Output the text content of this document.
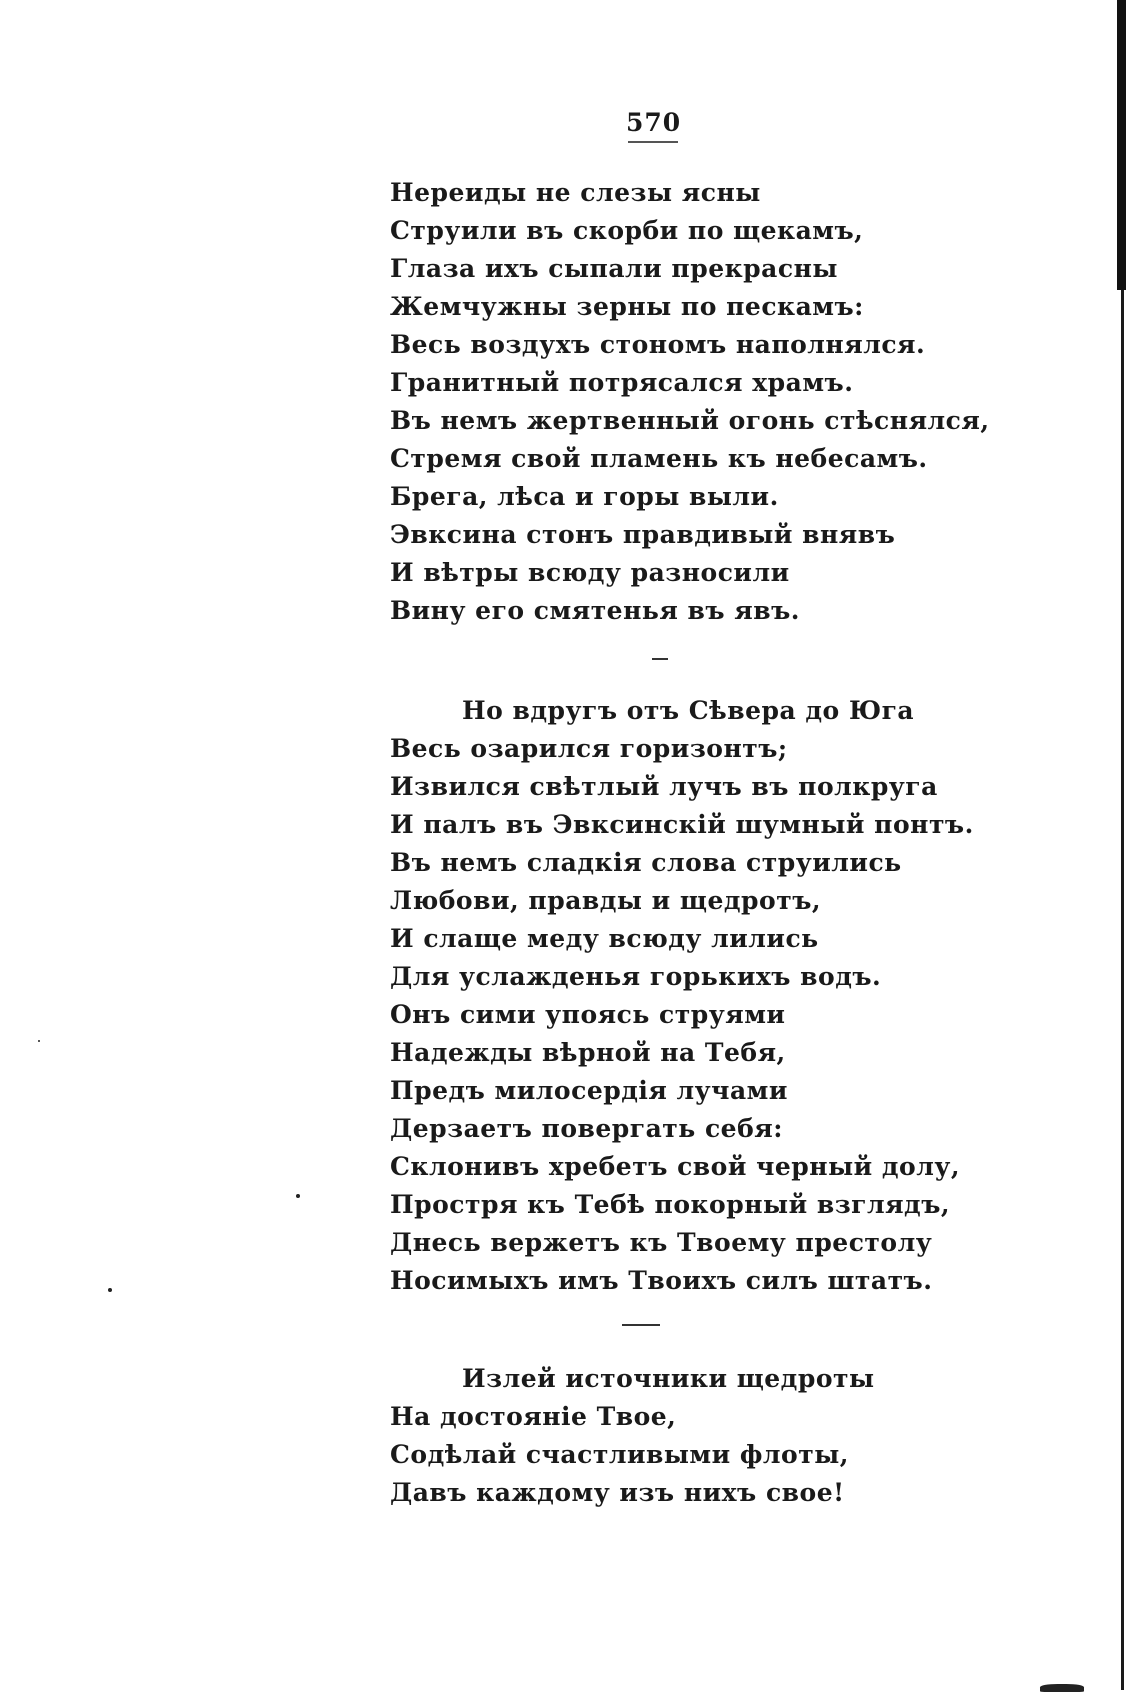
570
Нереиды не слезы ясны
Струили въ скорби по щекамъ,
Глаза ихъ сыпали прекрасны
Жемчужны зерны по пескамъ:
Весь воздухъ стономъ наполнялся.
Гранитный потрясался храмъ.
Въ немъ жертвенный огонь стѣснялся,
Стремя свой пламень къ небесамъ.
Брега, лѣса и горы выли.
Эвксина стонъ правдивый внявъ
И вѣтры всюду разносили
Вину его смятенья въ явъ.
Но вдругъ отъ Сѣвера до Юга
Весь озарился горизонтъ;
Извился свѣтлый лучъ въ полкруга
И палъ въ Эвксинскій шумный понтъ.
Въ немъ сладкія слова струились
Любови, правды и щедротъ,
И слаще меду всюду лились
Для услажденья горькихъ водъ.
Онъ сими упоясь струями
Надежды вѣрной на Тебя,
Предъ милосердія лучами
Дерзаетъ повергать себя:
Склонивъ хребетъ свой черный долу,
Простря къ Тебѣ покорный взглядъ,
Днесь вержетъ къ Твоему престолу
Носимыхъ имъ Твоихъ силъ штатъ.
Излей источники щедроты
На достояніе Твое,
Содѣлай счастливыми флоты,
Давъ каждому изъ нихъ свое!
